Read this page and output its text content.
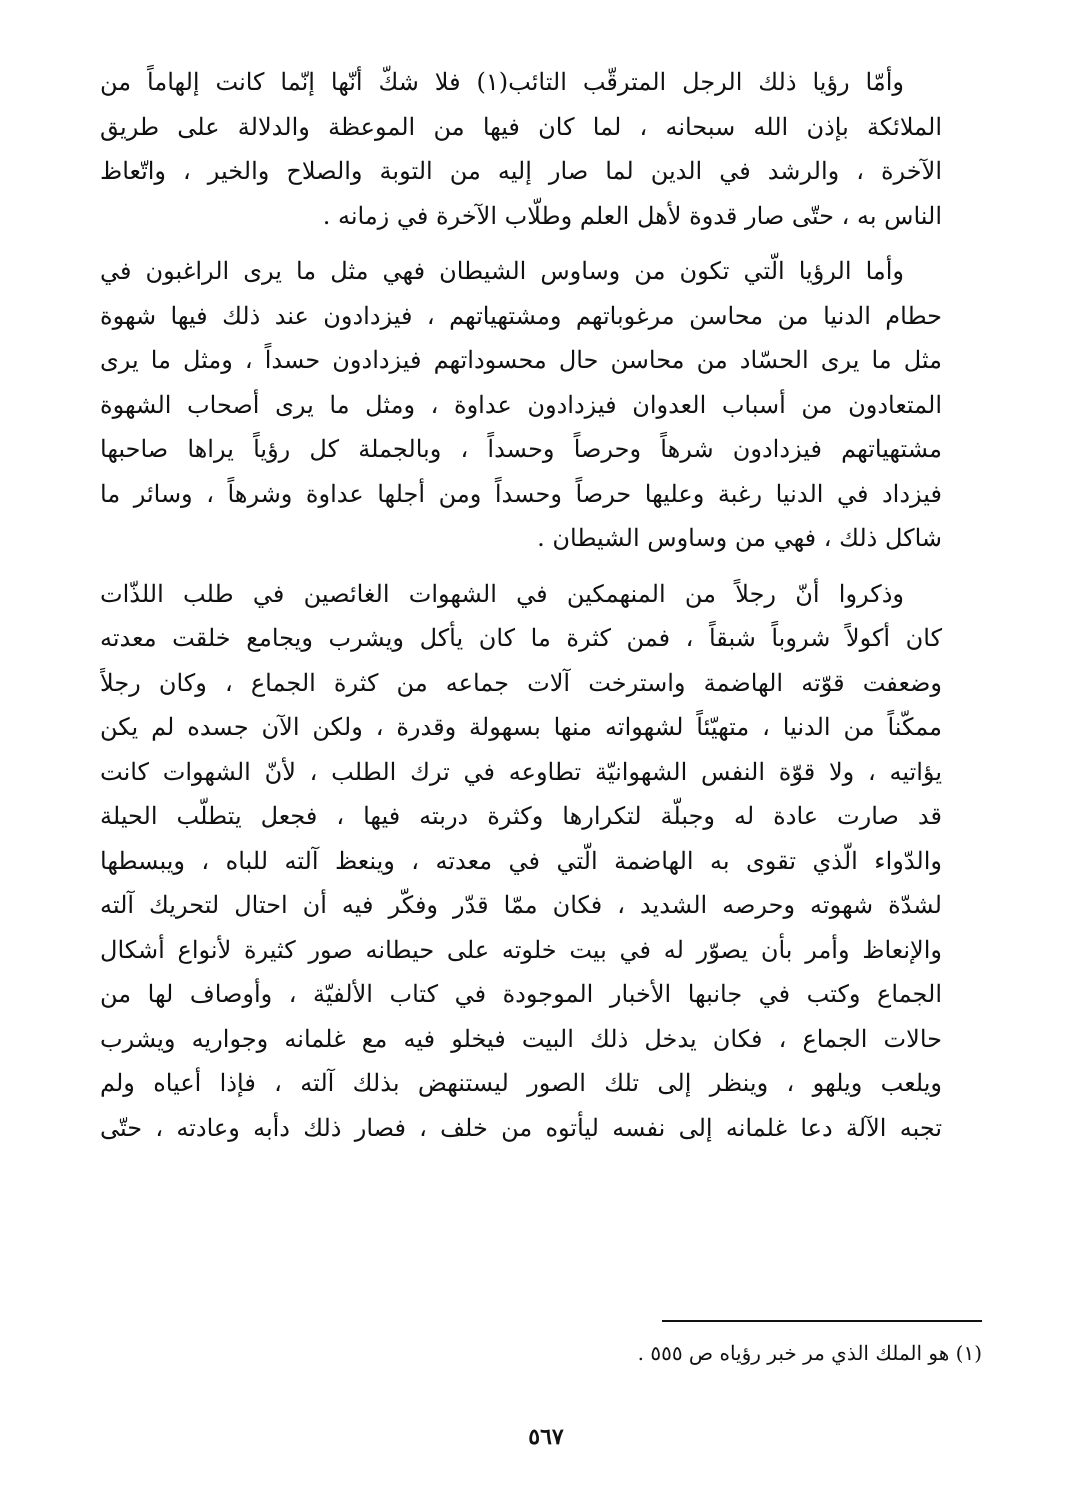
وأمّا رؤيا ذلك الرجل المترقّب التائب(١) فلا شكّ أنّها إنّما كانت إلهاماً من
الملائكة بإذن الله سبحانه ، لما كان فيها من الموعظة والدلالة على طريق
الآخرة ، والرشد في الدين لما صار إليه من التوبة والصلاح والخير ، واتّعاظ
الناس به ، حتّى صار قدوة لأهل العلم وطلّاب الآخرة في زمانه .
وأما الرؤيا الّتي تكون من وساوس الشيطان فهي مثل ما يرى الراغبون في
حطام الدنيا من محاسن مرغوباتهم ومشتهياتهم ، فيزدادون عند ذلك فيها شهوة
مثل ما يرى الحسّاد من محاسن حال محسوداتهم فيزدادون حسداً ، ومثل ما يرى
المتعادون من أسباب العدوان فيزدادون عداوة ، ومثل ما يرى أصحاب الشهوة
مشتهياتهم فيزدادون شرهاً وحرصاً وحسداً ، وبالجملة كل رؤياً يراها صاحبها
فيزداد في الدنيا رغبة وعليها حرصاً وحسداً ومن أجلها عداوة وشرهاً ، وسائر ما
شاكل ذلك ، فهي من وساوس الشيطان .
وذكروا أنّ رجلاً من المنهمكين في الشهوات الغائصين في طلب اللذّات
كان أكولاً شروباً شبقاً ، فمن كثرة ما كان يأكل ويشرب ويجامع خلقت معدته
وضعفت قوّته الهاضمة واسترخت آلات جماعه من كثرة الجماع ، وكان رجلاً
ممكّناً من الدنيا ، متهيّئاً لشهواته منها بسهولة وقدرة ، ولكن الآن جسده لم يكن
يؤاتيه ، ولا قوّة النفس الشهوانيّة تطاوعه في ترك الطلب ، لأنّ الشهوات كانت
قد صارت عادة له وجبلّة لتكرارها وكثرة دربته فيها ، فجعل يتطلّب الحيلة
والدّواء الّذي تقوى به الهاضمة الّتي في معدته ، وينعظ آلته للباه ، ويبسطها
لشدّة شهوته وحرصه الشديد ، فكان ممّا قدّر وفكّر فيه أن احتال لتحريك آلته
والإنعاظ وأمر بأن يصوّر له في بيت خلوته على حيطانه صور كثيرة لأنواع أشكال
الجماع وكتب في جانبها الأخبار الموجودة في كتاب الألفيّة ، وأوصاف لها من
حالات الجماع ، فكان يدخل ذلك البيت فيخلو فيه مع غلمانه وجواريه ويشرب
ويلعب ويلهو ، وينظر إلى تلك الصور ليستنهض بذلك آلته ، فإذا أعياه ولم
تجبه الآلة دعا غلمانه إلى نفسه ليأتوه من خلف ، فصار ذلك دأبه وعادته ، حتّى
(١) هو الملك الذي مر خبر رؤياه ص ٥٥٥ .
٥٦٧
